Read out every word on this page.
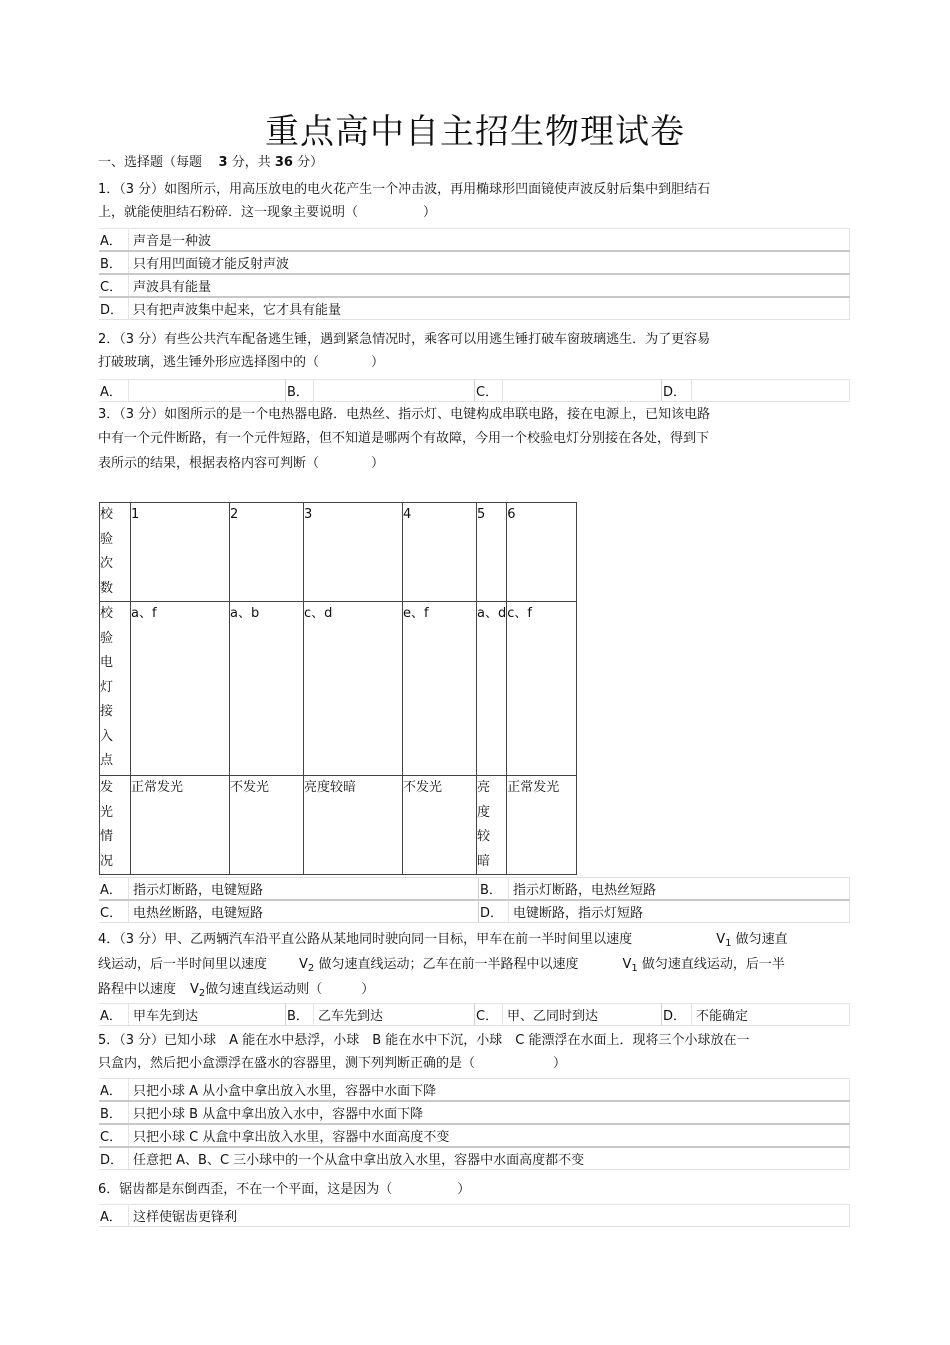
重点高中自主招生物理试卷
一、选择题（每题 3 分，共 36 分）
1．（3 分）如图所示，用高压放电的电火花产生一个冲击波，再用椭球形凹面镜使声波反射后集中到胆结石
上，就能使胆结石粉碎．这一现象主要说明（　　　　　）
A．	声音是一种波
B．	只有用凹面镜才能反射声波
C．	声波具有能量
D．	只有把声波集中起来，它才具有能量
2．（3 分）有些公共汽车配备逃生锤，遇到紧急情况时，乘客可以用逃生锤打破车窗玻璃逃生．为了更容易
打破玻璃，逃生锤外形应选择图中的（　　　　）
A．		B．		C．		D．	
3．（3 分）如图所示的是一个电热器电路．电热丝、指示灯、电键构成串联电路，接在电源上，已知该电路
中有一个元件断路，有一个元件短路，但不知道是哪两个有故障，今用一个校验电灯分别接在各处，得到下
表所示的结果，根据表格内容可判断（　　　　）
校验次数	1	2	3	4	5	6

校验电灯接入点	a、f	a、b	c、d	e、f	a、d	c、f

发光情况	正常发光	不发光	亮度较暗	不发光	亮度较暗	正常发光
A．	指示灯断路，电键短路	B．	指示灯断路，电热丝短路
C．	电热丝断路，电键短路	D．	电键断路，指示灯短路
4．（3 分）甲、乙两辆汽车沿平直公路从某地同时驶向同一目标，甲车在前一半时间里以速度	$V_1$ 做匀速直
线运动，后一半时间里以速度 $V_2$ 做匀速直线运动；乙车在前一半路程中以速度	$V_1$ 做匀速直线运动，后一半
路程中以速度 $V_2$做匀速直线运动则（　　　）
A．	甲车先到达	B．	乙车先到达	C．	甲、乙同时到达	D．	不能确定
5．（3 分）已知小球　A 能在水中悬浮，小球　B 能在水中下沉，小球　C 能漂浮在水面上．现将三个小球放在一
只盒内，然后把小盒漂浮在盛水的容器里，测下列判断正确的是（　　　　　　）
A．	只把小球 A 从小盒中拿出放入水里，容器中水面下降
B．	只把小球 B 从盒中拿出放入水中，容器中水面下降
C．	只把小球 C 从盒中拿出放入水里，容器中水面高度不变
D．	任意把 A、B、C 三小球中的一个从盒中拿出放入水里，容器中水面高度都不变
6．锯齿都是东倒西歪，不在一个平面，这是因为（　　　　　）
A．	这样使锯齿更锋利
